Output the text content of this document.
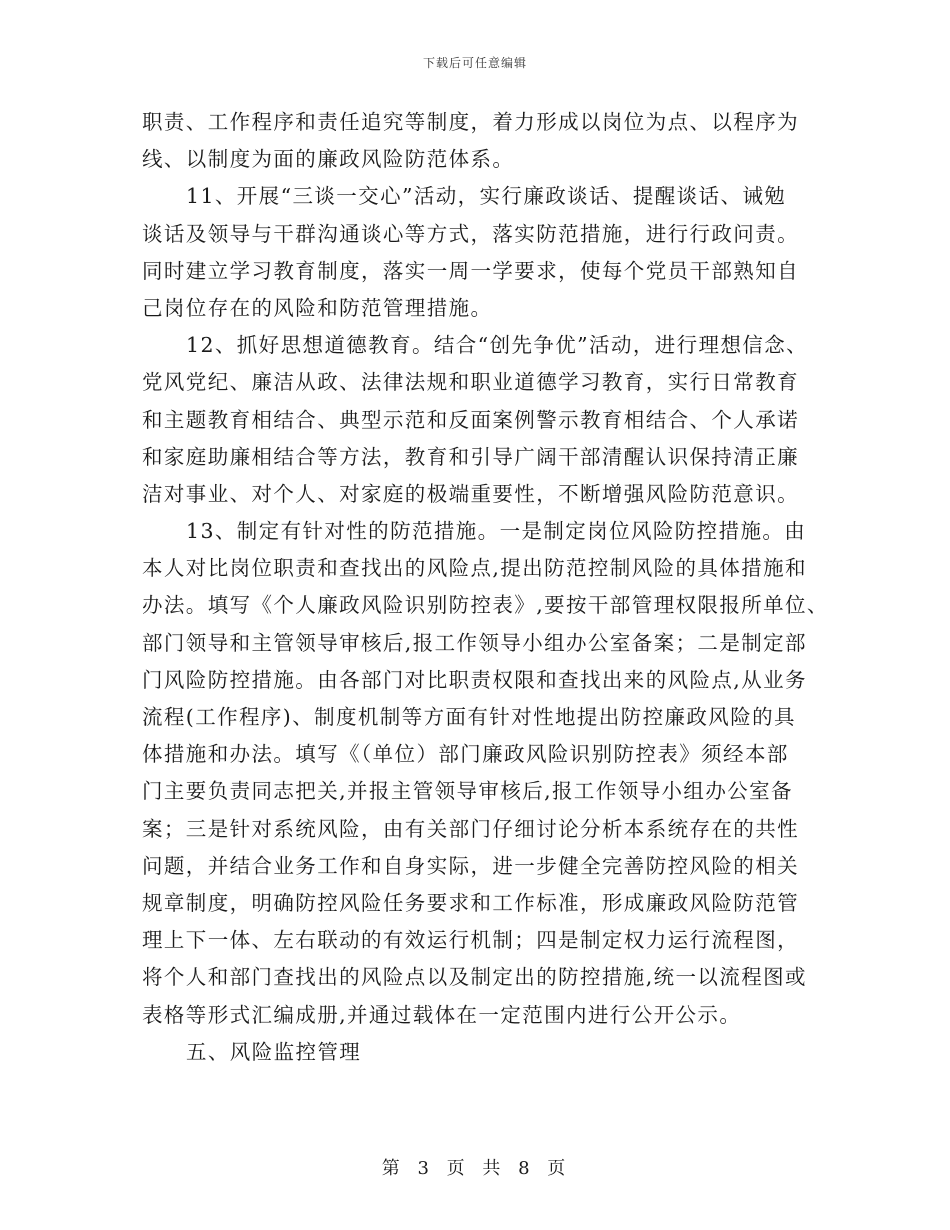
下载后可任意编辑
职责、工作程序和责任追究等制度，着力形成以岗位为点、以程序为
线、以制度为面的廉政风险防范体系。
11、开展“三谈一交心”活动，实行廉政谈话、提醒谈话、诫勉
谈话及领导与干群沟通谈心等方式，落实防范措施，进行行政问责。
同时建立学习教育制度，落实一周一学要求，使每个党员干部熟知自
己岗位存在的风险和防范管理措施。
12、抓好思想道德教育。结合“创先争优”活动，进行理想信念、
党风党纪、廉洁从政、法律法规和职业道德学习教育，实行日常教育
和主题教育相结合、典型示范和反面案例警示教育相结合、个人承诺
和家庭助廉相结合等方法，教育和引导广阔干部清醒认识保持清正廉
洁对事业、对个人、对家庭的极端重要性，不断增强风险防范意识。
13、制定有针对性的防范措施。一是制定岗位风险防控措施。由
本人对比岗位职责和查找出的风险点,提出防范控制风险的具体措施和
办法。填写《个人廉政风险识别防控表》,要按干部管理权限报所单位、
部门领导和主管领导审核后,报工作领导小组办公室备案；二是制定部
门风险防控措施。由各部门对比职责权限和查找出来的风险点,从业务
流程(工作程序)、制度机制等方面有针对性地提出防控廉政风险的具
体措施和办法。填写《（单位）部门廉政风险识别防控表》须经本部
门主要负责同志把关,并报主管领导审核后,报工作领导小组办公室备
案；三是针对系统风险，由有关部门仔细讨论分析本系统存在的共性
问题，并结合业务工作和自身实际，进一步健全完善防控风险的相关
规章制度，明确防控风险任务要求和工作标准，形成廉政风险防范管
理上下一体、左右联动的有效运行机制；四是制定权力运行流程图，
将个人和部门查找出的风险点以及制定出的防控措施,统一以流程图或
表格等形式汇编成册,并通过载体在一定范围内进行公开公示。
五、风险监控管理
第 3 页 共 8 页
